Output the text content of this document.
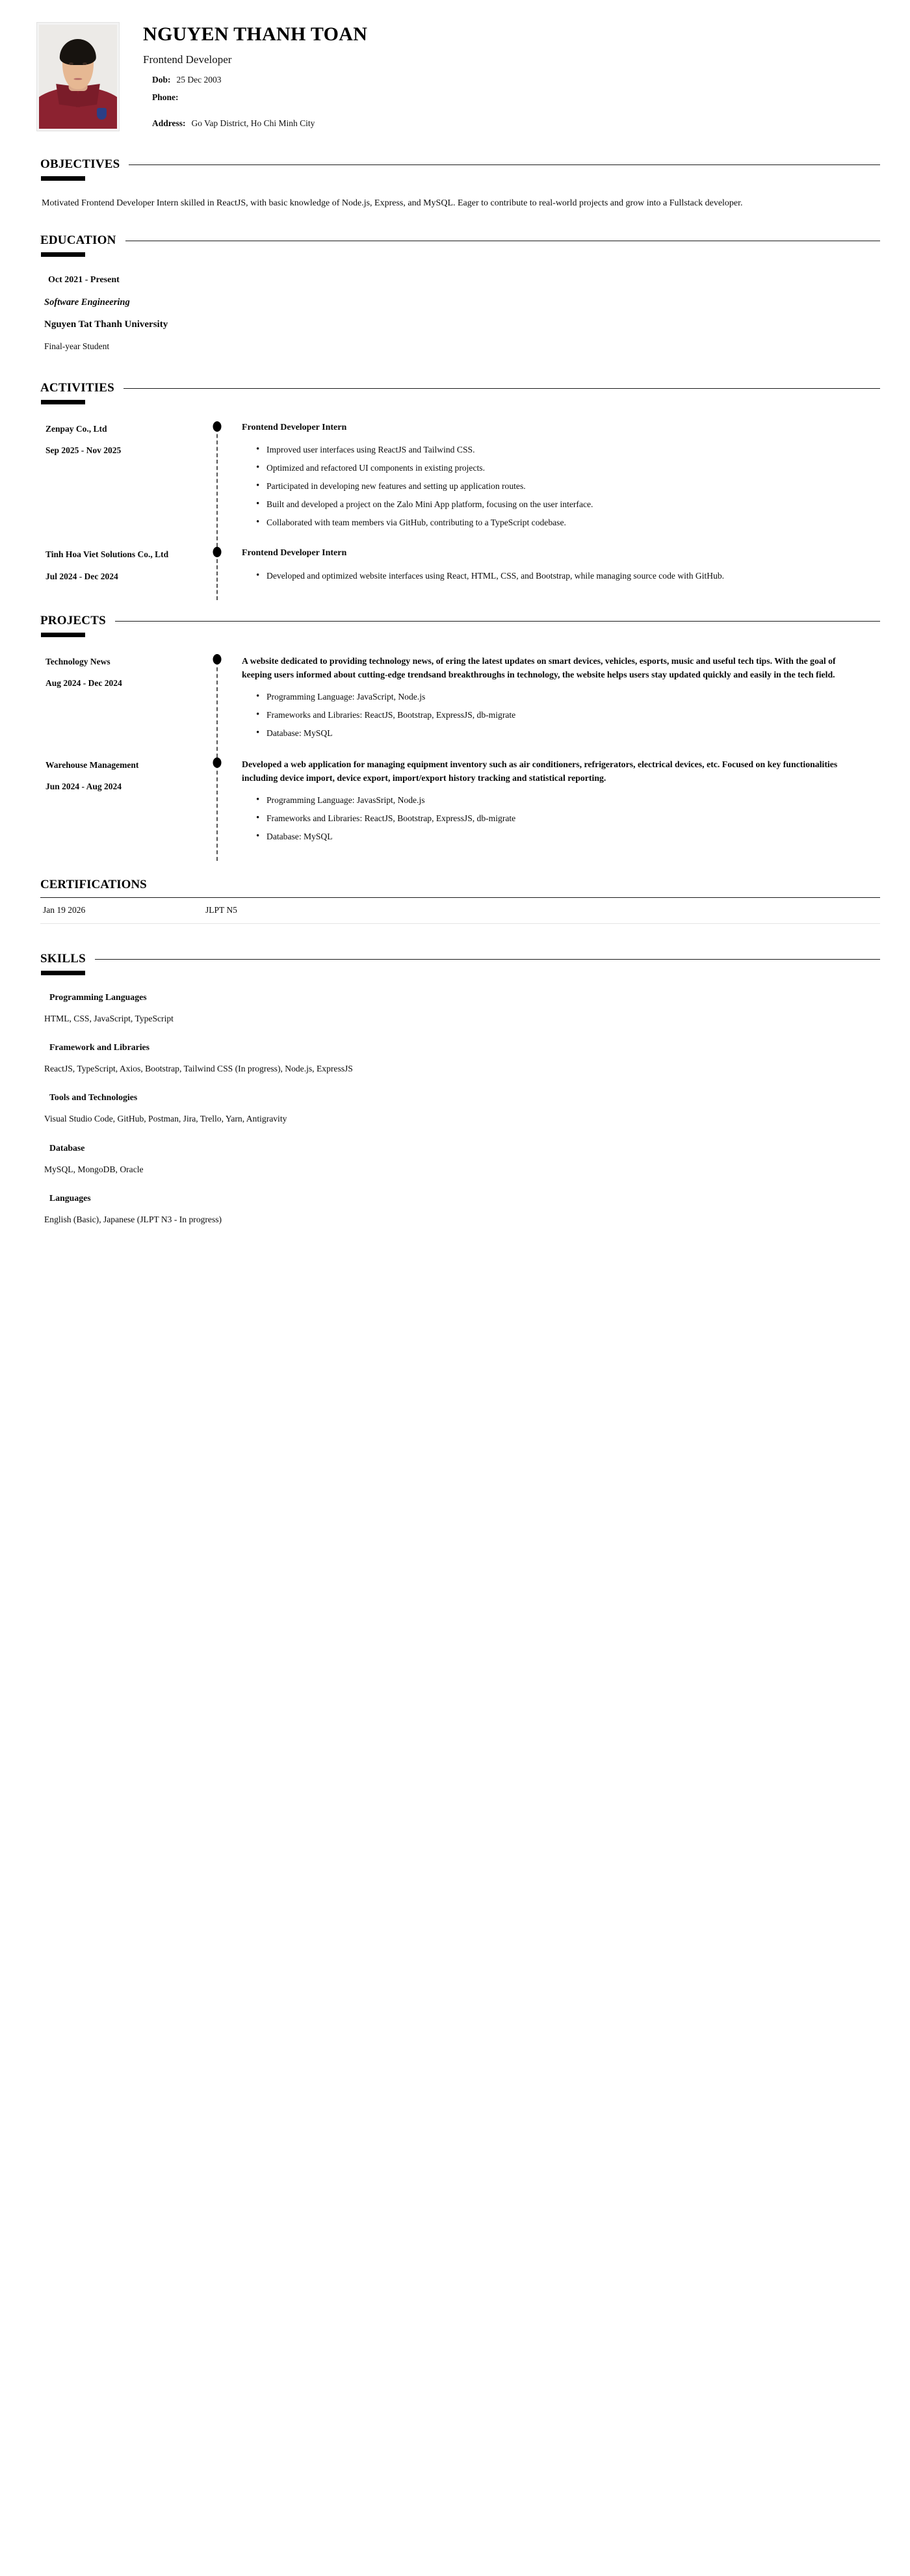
NGUYEN THANH TOAN
Frontend Developer
Dob: 25 Dec 2003
Phone:
Address: Go Vap District, Ho Chi Minh City
OBJECTIVES

Motivated Frontend Developer Intern skilled in ReactJS, with basic knowledge of Node.js, Express, and MySQL. Eager to contribute to real-world projects and grow into a Fullstack developer.

EDUCATION
Oct 2021 - Present
Software Engineering
Nguyen Tat Thanh University
Final-year Student
ACTIVITIES
Zenpay Co., Ltd
Sep 2025 - Nov 2025
Frontend Developer Intern
• Improved user interfaces using ReactJS and Tailwind CSS.
• Optimized and refactored UI components in existing projects.
• Participated in developing new features and setting up application routes.
• Built and developed a project on the Zalo Mini App platform, focusing on the user interface.
• Collaborated with team members via GitHub, contributing to a TypeScript codebase.
Tinh Hoa Viet Solutions Co., Ltd
Jul 2024 - Dec 2024
Frontend Developer Intern
• Developed and optimized website interfaces using React, HTML, CSS, and Bootstrap, while managing source code with GitHub.
PROJECTS
Technology News
Aug 2024 - Dec 2024
A website dedicated to providing technology news, of ering the latest updates on smart devices, vehicles, esports, music and useful tech tips. With the goal of keeping users informed about cutting-edge trendsand breakthroughs in technology, the website helps users stay updated quickly and easily in the tech field.
• Programming Language: JavaScript, Node.js
• Frameworks and Libraries: ReactJS, Bootstrap, ExpressJS, db-migrate
• Database: MySQL
Warehouse Management
Jun 2024 - Aug 2024
Developed a web application for managing equipment inventory such as air conditioners, refrigerators, electrical devices, etc. Focused on key functionalities including device import, device export, import/export history tracking and statistical reporting.
• Programming Language: JavasSript, Node.js
• Frameworks and Libraries: ReactJS, Bootstrap, ExpressJS, db-migrate
• Database: MySQL
CERTIFICATIONS
Jan 19 2026	JLPT N5
SKILLS
Programming Languages
HTML, CSS, JavaScript, TypeScript
Framework and Libraries
ReactJS, TypeScript, Axios, Bootstrap, Tailwind CSS (In progress), Node.js, ExpressJS
Tools and Technologies
Visual Studio Code, GitHub, Postman, Jira, Trello, Yarn, Antigravity
Database
MySQL, MongoDB, Oracle
Languages
English (Basic), Japanese (JLPT N3 - In progress)
